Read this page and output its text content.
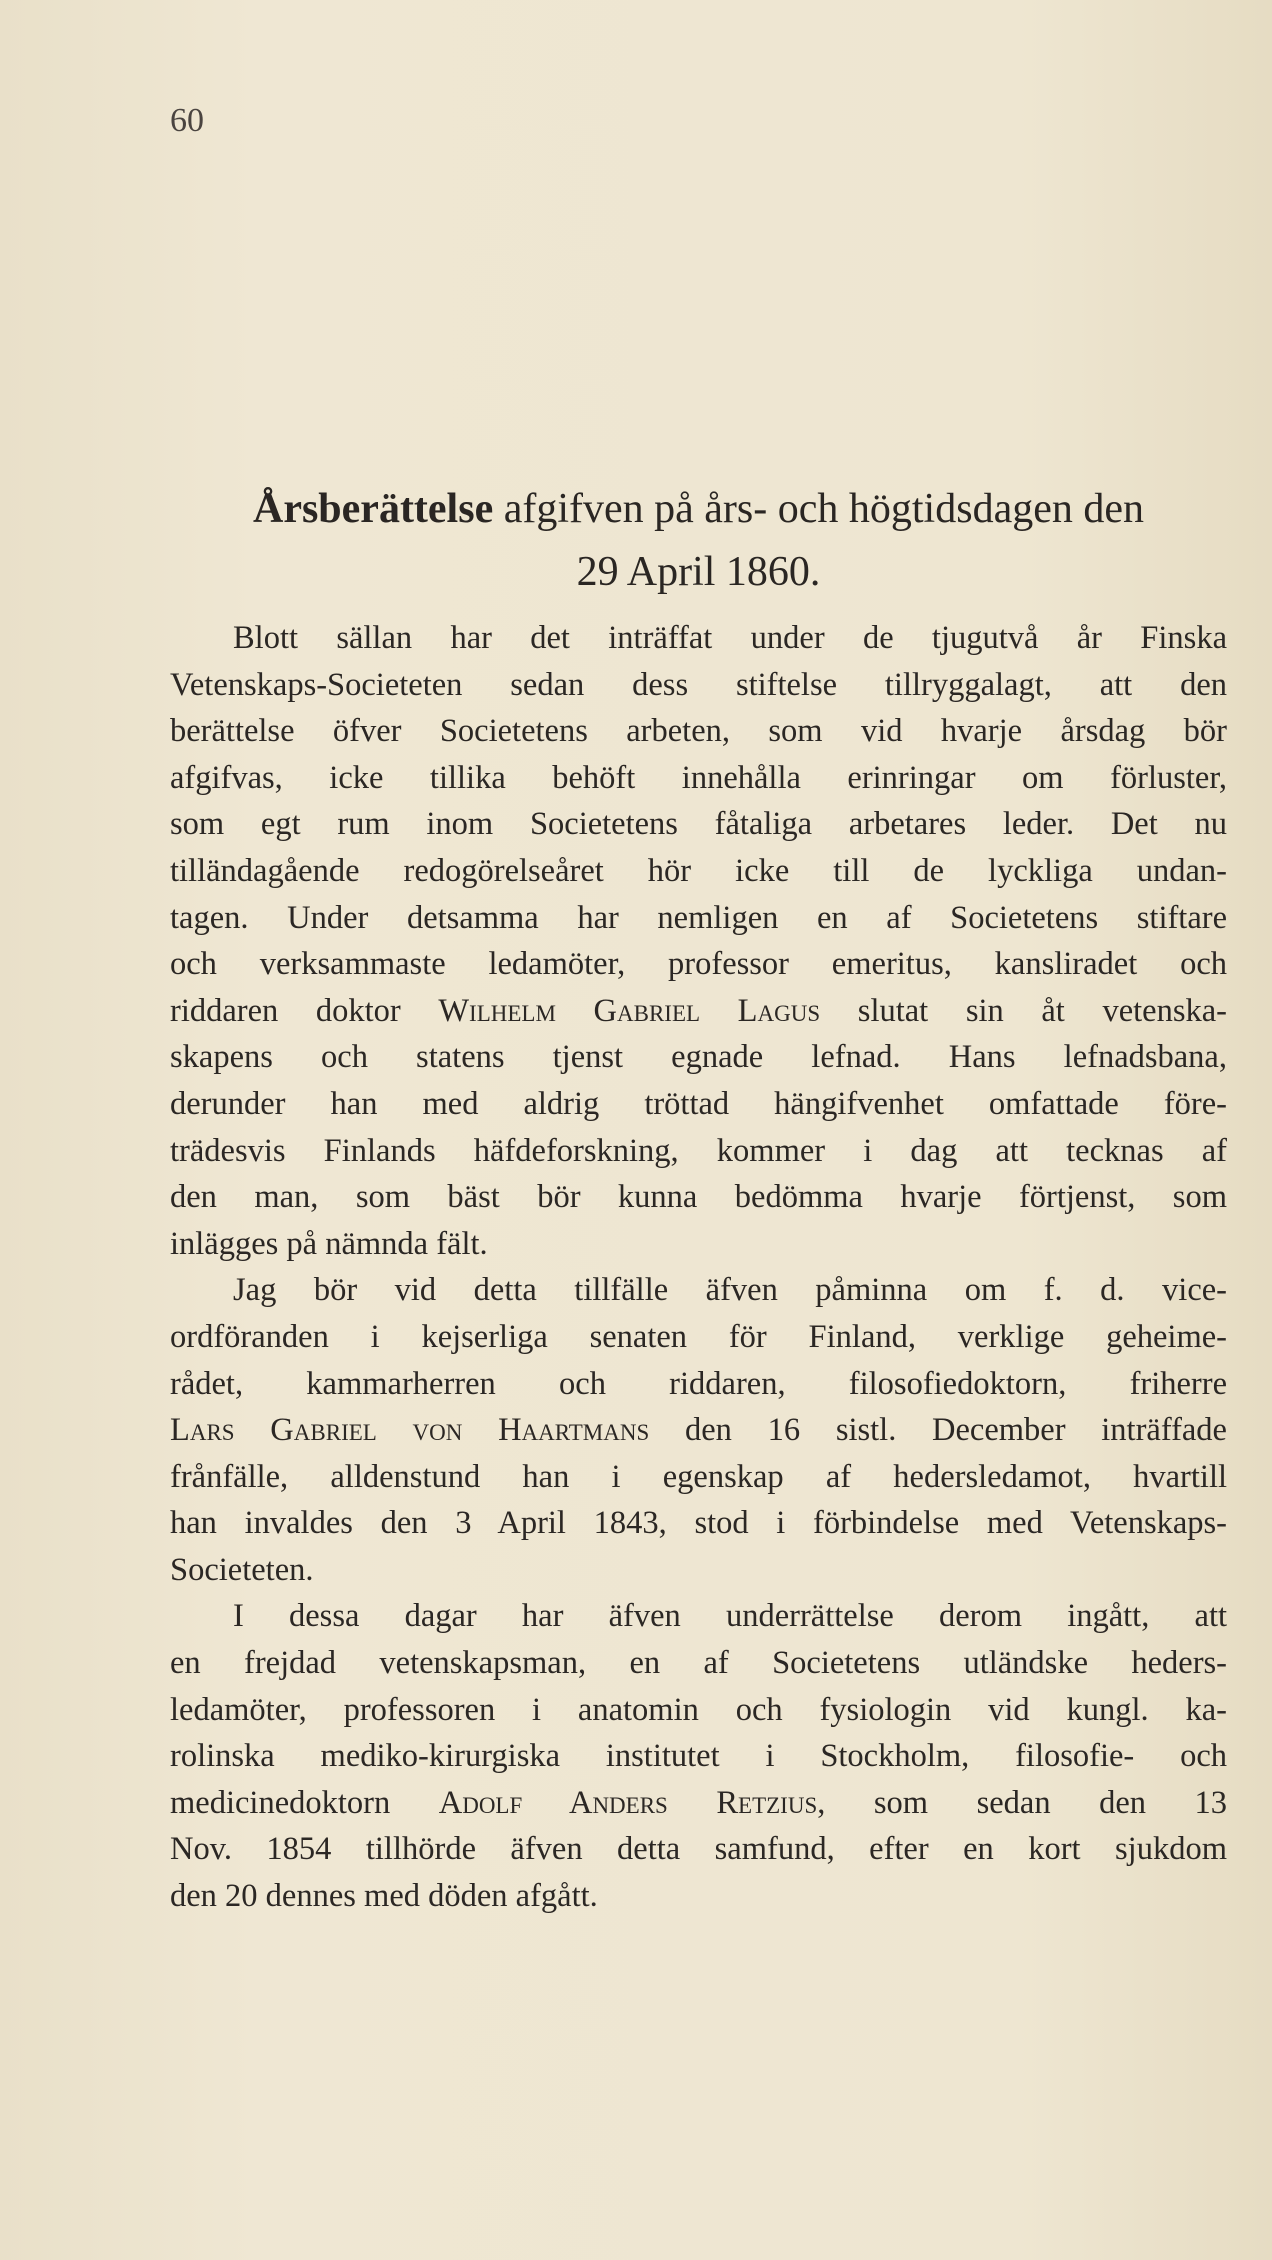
60
Årsberättelse afgifven på års- och högtidsdagen den
29 April 1860.
Blott sällan har det inträffat under de tjugutvå år Finska
Vetenskaps-Societeten sedan dess stiftelse tillryggalagt, att den
berättelse öfver Societetens arbeten, som vid hvarje årsdag bör
afgifvas, icke tillika behöft innehålla erinringar om förluster,
som egt rum inom Societetens fåtaliga arbetares leder. Det nu
tilländagående redogörelseåret hör icke till de lyckliga undan-
tagen. Under detsamma har nemligen en af Societetens stiftare
och verksammaste ledamöter, professor emeritus, kansliradet och
riddaren doktor Wilhelm Gabriel Lagus slutat sin åt vetenska-
skapens och statens tjenst egnade lefnad. Hans lefnadsbana,
derunder han med aldrig tröttad hängifvenhet omfattade före-
trädesvis Finlands häfdeforskning, kommer i dag att tecknas af
den man, som bäst bör kunna bedömma hvarje förtjenst, som
inlägges på nämnda fält.
Jag bör vid detta tillfälle äfven påminna om f. d. vice-
ordföranden i kejserliga senaten för Finland, verklige geheime-
rådet, kammarherren och riddaren, filosofiedoktorn, friherre
Lars Gabriel von Haartmans den 16 sistl. December inträffade
frånfälle, alldenstund han i egenskap af hedersledamot, hvartill
han invaldes den 3 April 1843, stod i förbindelse med Vetenskaps-
Societeten.
I dessa dagar har äfven underrättelse derom ingått, att
en frejdad vetenskapsman, en af Societetens utländske heders-
ledamöter, professoren i anatomin och fysiologin vid kungl. ka-
rolinska mediko-kirurgiska institutet i Stockholm, filosofie- och
medicinedoktorn Adolf Anders Retzius, som sedan den 13
Nov. 1854 tillhörde äfven detta samfund, efter en kort sjukdom
den 20 dennes med döden afgått.
